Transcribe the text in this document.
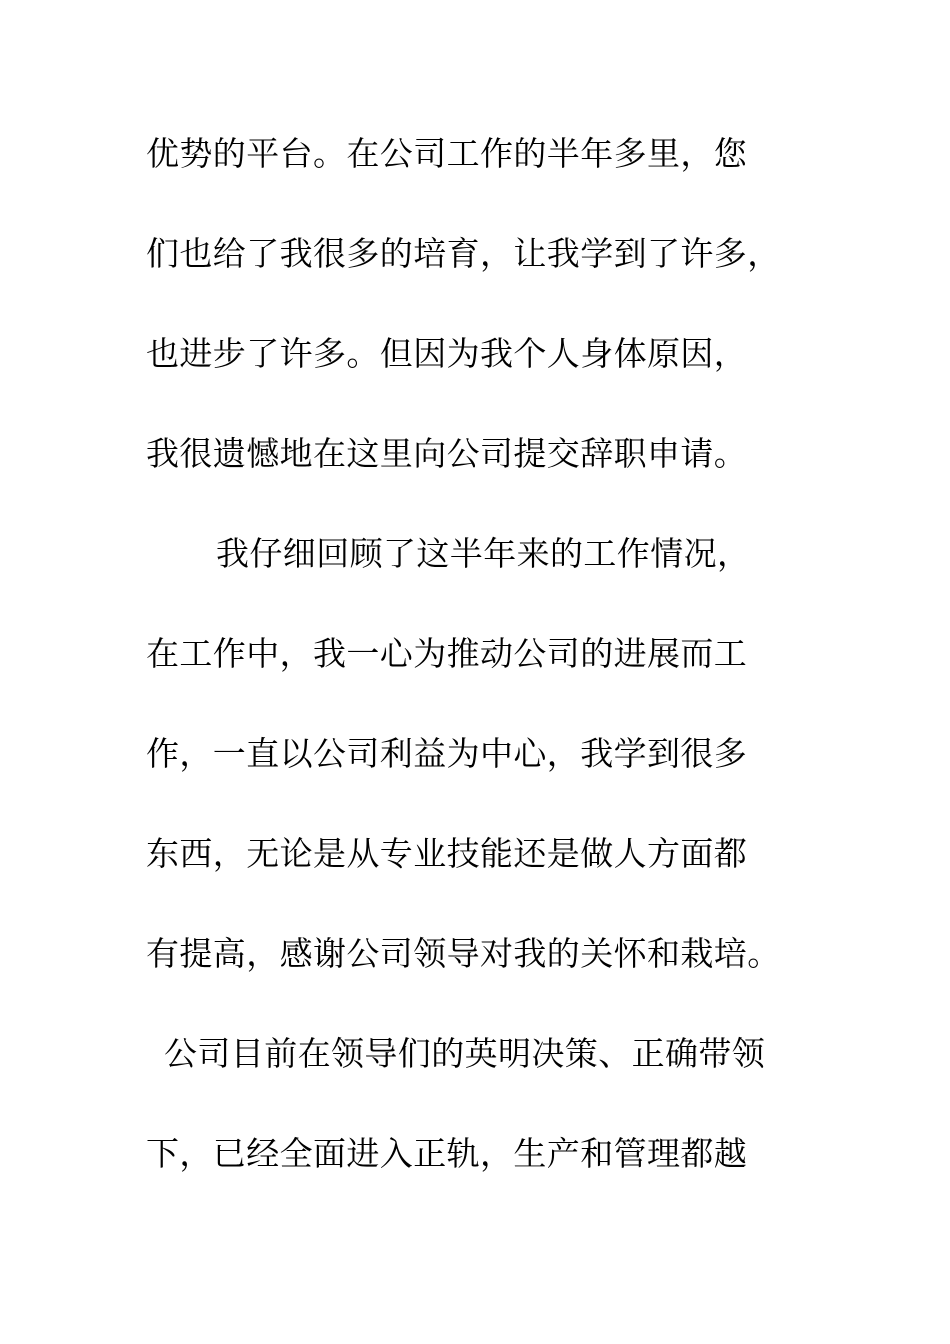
优势的平台。在公司工作的半年多里，您
们也给了我很多的培育，让我学到了许多，
也进步了许多。但因为我个人身体原因，
我很遗憾地在这里向公司提交辞职申请。
我仔细回顾了这半年来的工作情况，
在工作中，我一心为推动公司的进展而工
作，一直以公司利益为中心，我学到很多
东西，无论是从专业技能还是做人方面都
有提高，感谢公司领导对我的关怀和栽培。
公司目前在领导们的英明决策、正确带领
下，已经全面进入正轨，生产和管理都越
